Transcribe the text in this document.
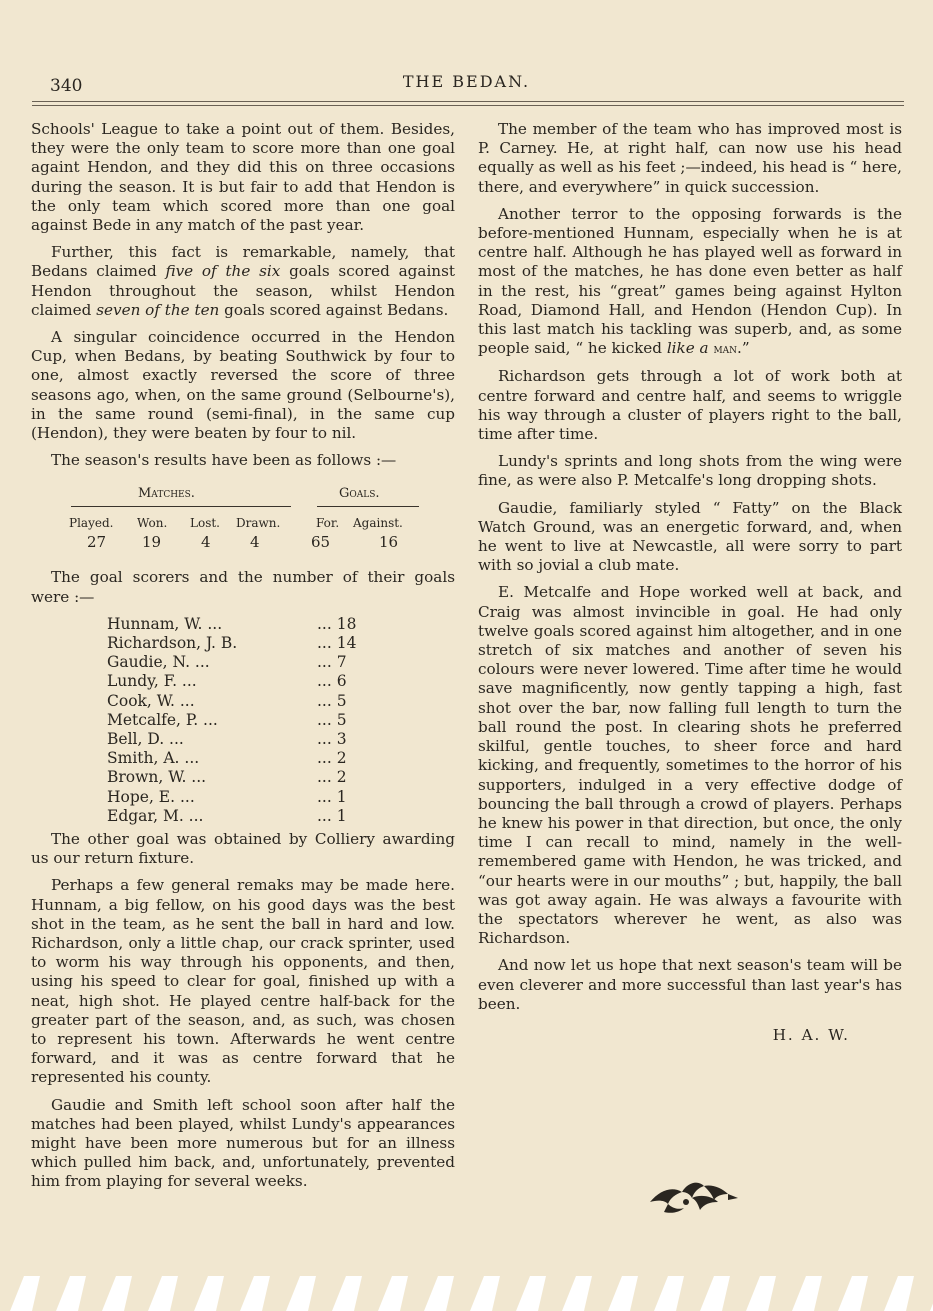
340	THE BEDAN.

Schools' League to take a point out of them. Besides, they were the only team to score more than one goal againt Hendon, and they did this on three occasions during the season. It is but fair to add that Hendon is the only team which scored more than one goal against Bede in any match of the past year.

Further, this fact is remarkable, namely, that Bedans claimed five of the six goals scored against Hendon throughout the season, whilst Hendon claimed seven of the ten goals scored against Bedans.

A singular coincidence occurred in the Hendon Cup, when Bedans, by beating Southwick by four to one, almost exactly reversed the score of three seasons ago, when, on the same ground (Selbourne's), in the same round (semi-final), in the same cup (Hendon), they were beaten by four to nil.

The season's results have been as follows :—

Matches.	Goals.
Played. Won. Lost. Drawn.	For. Against.
27 19	4	4	65	16

The goal scorers and the number of their goals were :—

Hunnam, W. ...	... 18
Richardson, J. B.	... 14
Gaudie, N. ...	... 7
Lundy, F. ...	... 6
Cook, W. ...	... 5
Metcalfe, P. ...	... 5
Bell, D. ...	... 3
Smith, A. ...	... 2
Brown, W. ...	... 2
Hope, E. ...	... 1
Edgar, M. ...	... 1

The other goal was obtained by Colliery awarding us our return fixture.

Perhaps a few general remaks may be made here. Hunnam, a big fellow, on his good days was the best shot in the team, as he sent the ball in hard and low. Richardson, only a little chap, our crack sprinter, used to worm his way through his opponents, and then, using his speed to clear for goal, finished up with a neat, high shot. He played centre half-back for the greater part of the season, and, as such, was chosen to represent his town. Afterwards he went centre forward, and it was as centre forward that he represented his county.

Gaudie and Smith left school soon after half the matches had been played, whilst Lundy's appearances might have been more numerous but for an illness which pulled him back, and, unfortunately, prevented him from playing for several weeks.

The member of the team who has improved most is P. Carney. He, at right half, can now use his head equally as well as his feet ;—indeed, his head is “ here, there, and everywhere” in quick succession.

Another terror to the opposing forwards is the before-mentioned Hunnam, especially when he is at centre half. Although he has played well as forward in most of the matches, he has done even better as half in the rest, his “great” games being against Hylton Road, Diamond Hall, and Hendon (Hendon Cup). In this last match his tackling was superb, and, as some people said, “ he kicked like a man.”

Richardson gets through a lot of work both at centre forward and centre half, and seems to wriggle his way through a cluster of players right to the ball, time after time.

Lundy's sprints and long shots from the wing were fine, as were also P. Metcalfe's long dropping shots.

Gaudie, familiarly styled “ Fatty” on the Black Watch Ground, was an energetic forward, and, when he went to live at Newcastle, all were sorry to part with so jovial a club mate.

E. Metcalfe and Hope worked well at back, and Craig was almost invincible in goal. He had only twelve goals scored against him altogether, and in one stretch of six matches and another of seven his colours were never lowered. Time after time he would save magnificently, now gently tapping a high, fast shot over the bar, now falling full length to turn the ball round the post. In clearing shots he preferred skilful, gentle touches, to sheer force and hard kicking, and frequently, sometimes to the horror of his supporters, indulged in a very effective dodge of bouncing the ball through a crowd of players. Perhaps he knew his power in that direction, but once, the only time I can recall to mind, namely in the well-remembered game with Hendon, he was tricked, and “our hearts were in our mouths” ; but, happily, the ball was got away again. He was always a favourite with the spectators wherever he went, as also was Richardson.

And now let us hope that next season's team will be even cleverer and more successful than last year's has been.

H. A. W.
